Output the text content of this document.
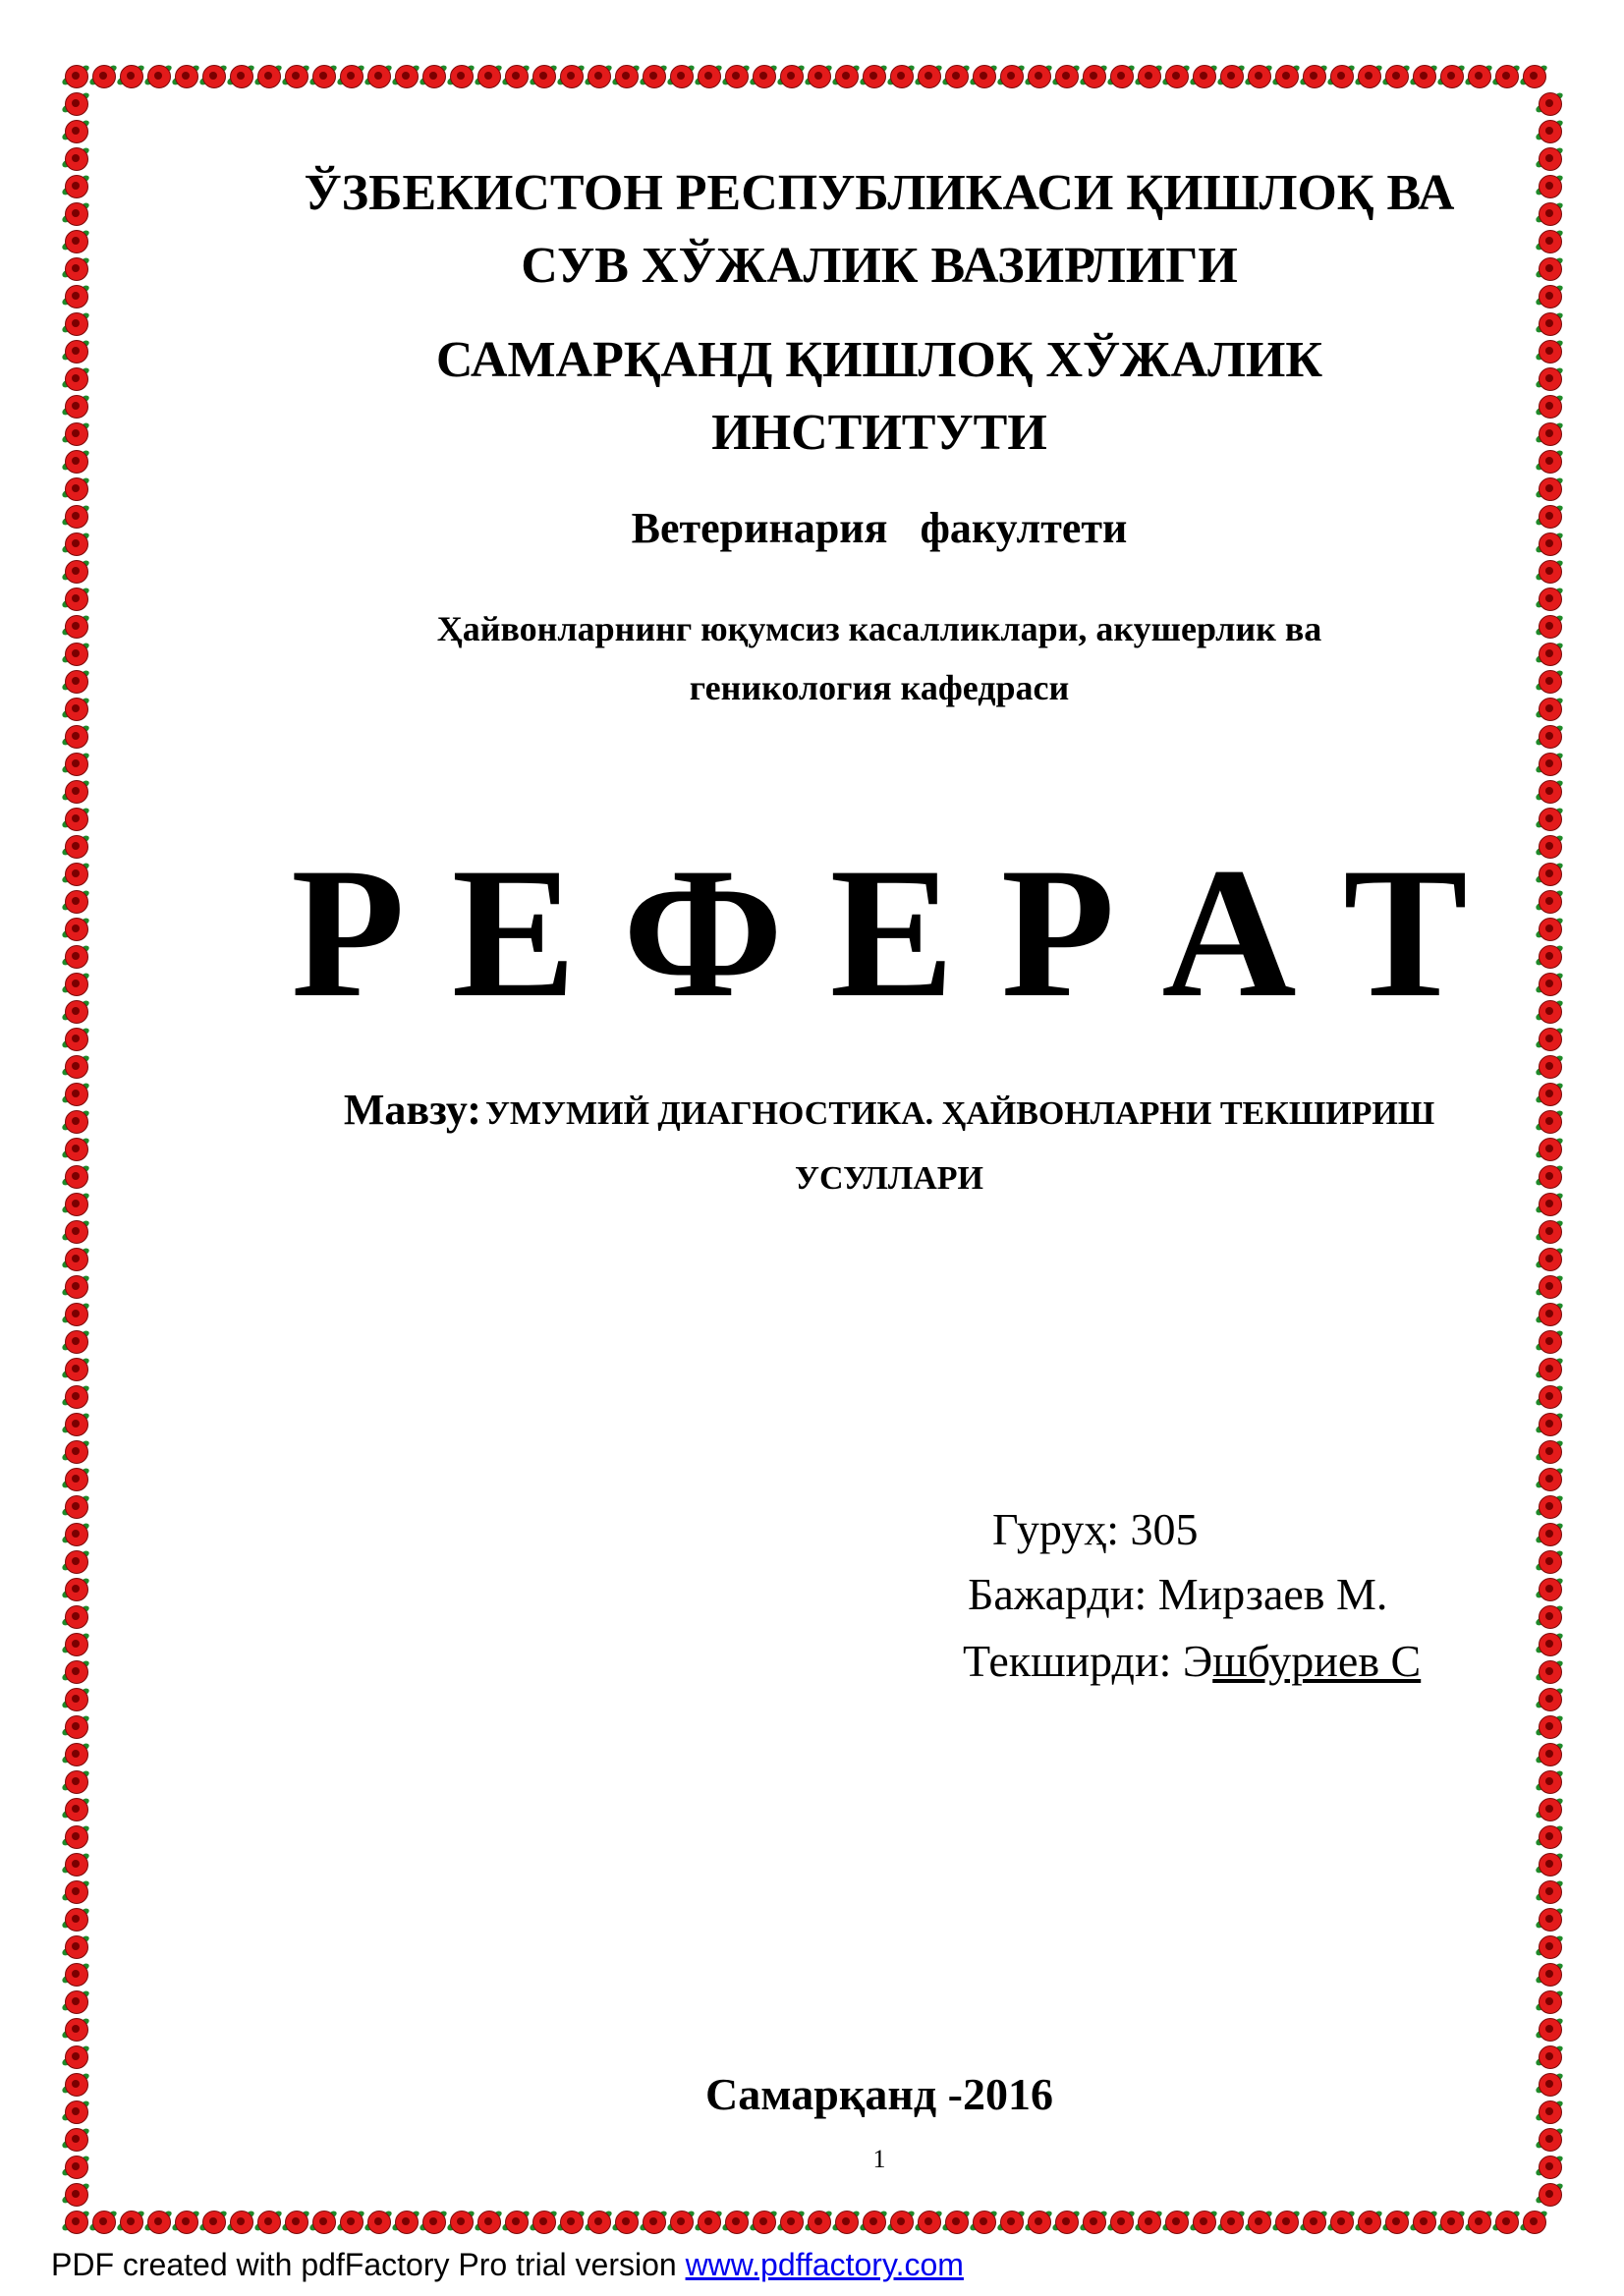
ЎЗБЕКИСТОН РЕСПУБЛИКАСИ ҚИШЛОҚ ВА
СУВ ХЎЖАЛИК ВАЗИРЛИГИ
САМАРҚАНД ҚИШЛОҚ ХЎЖАЛИК
ИНСТИТУТИ
Ветеринария   факултети
Ҳайвонларнинг юқумсиз касалликлари, акушерлик ва
геникология кафедраси
Р Е Ф Е Р А Т
Мавзу: УМУМИЙ ДИАГНОСТИКА. ҲАЙВОНЛАРНИ ТЕКШИРИШ
УСУЛЛАРИ
Гуруҳ: 305
Бажарди: Мирзаев М.
Текширди: Эшбуриев С
Самарқанд -2016
1
PDF created with pdfFactory Pro trial version www.pdffactory.com
